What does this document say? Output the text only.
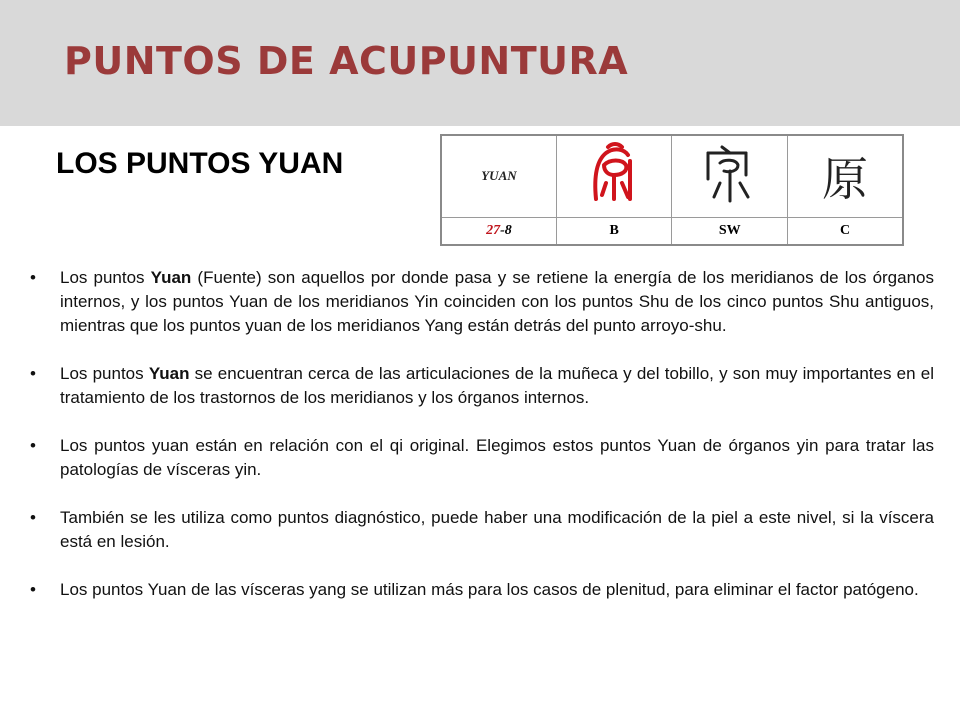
PUNTOS DE ACUPUNTURA
LOS PUNTOS YUAN	YUAN			原
27-8	B	SW	C
• Los puntos Yuan (Fuente) son aquellos por donde pasa y se retiene la energía de los meridianos de los órganos internos, y los puntos Yuan de los meridianos Yin coinciden con los puntos Shu de los cinco puntos Shu antiguos, mientras que los puntos yuan de los meridianos Yang están detrás del punto arroyo-shu.
• Los puntos Yuan se encuentran cerca de las articulaciones de la muñeca y del tobillo, y son muy importantes en el tratamiento de los trastornos de los meridianos y los órganos internos.
• Los puntos yuan están en relación con el qi original. Elegimos estos puntos Yuan de órganos yin para tratar las patologías de vísceras yin.
• También se les utiliza como puntos diagnóstico, puede haber una modificación de la piel a este nivel, si la víscera está en lesión.
• Los puntos Yuan de las vísceras yang se utilizan más para los casos de plenitud, para eliminar el factor patógeno.
